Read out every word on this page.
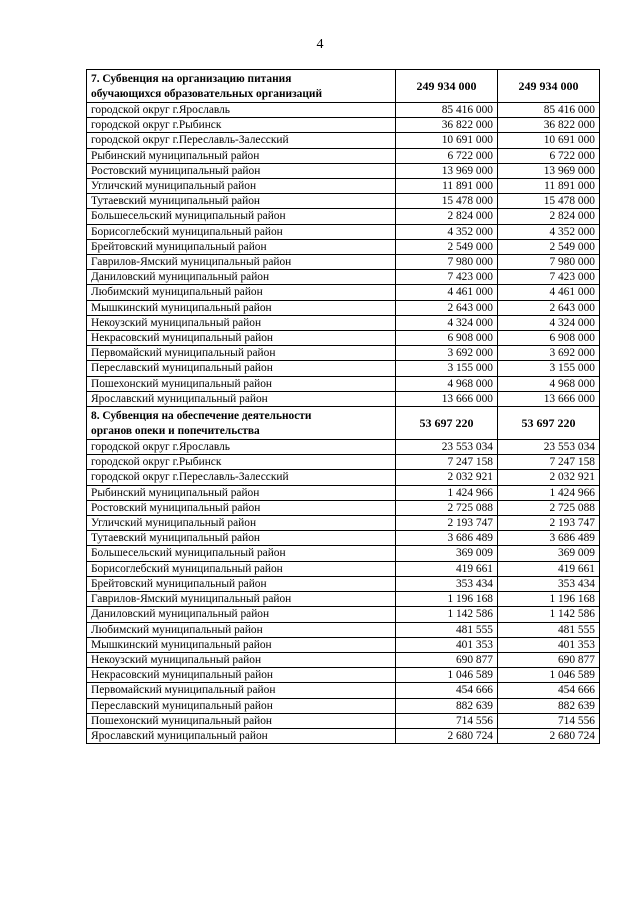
4
7. Субвенция на организацию питания
обучающихся образовательных организаций	249 934 000	249 934 000
городской округ г.Ярославль	85 416 000	85 416 000
городской округ г.Рыбинск	36 822 000	36 822 000
городской округ г.Переславль-Залесский	10 691 000	10 691 000
Рыбинский муниципальный район	6 722 000	6 722 000
Ростовский муниципальный район	13 969 000	13 969 000
Угличский муниципальный район	11 891 000	11 891 000
Тутаевский муниципальный район	15 478 000	15 478 000
Большесельский муниципальный район	2 824 000	2 824 000
Борисоглебский муниципальный район	4 352 000	4 352 000
Брейтовский муниципальный район	2 549 000	2 549 000
Гаврилов-Ямский муниципальный район	7 980 000	7 980 000
Даниловский муниципальный район	7 423 000	7 423 000
Любимский муниципальный район	4 461 000	4 461 000
Мышкинский муниципальный район	2 643 000	2 643 000
Некоузский муниципальный район	4 324 000	4 324 000
Некрасовский муниципальный район	6 908 000	6 908 000
Первомайский муниципальный район	3 692 000	3 692 000
Переславский муниципальный район	3 155 000	3 155 000
Пошехонский муниципальный район	4 968 000	4 968 000
Ярославский муниципальный район	13 666 000	13 666 000

8. Субвенция на обеспечение деятельности
органов опеки и попечительства	53 697 220	53 697 220
городской округ г.Ярославль	23 553 034	23 553 034
городской округ г.Рыбинск	7 247 158	7 247 158
городской округ г.Переславль-Залесский	2 032 921	2 032 921
Рыбинский муниципальный район	1 424 966	1 424 966
Ростовский муниципальный район	2 725 088	2 725 088
Угличский муниципальный район	2 193 747	2 193 747
Тутаевский муниципальный район	3 686 489	3 686 489
Большесельский муниципальный район	369 009	369 009
Борисоглебский муниципальный район	419 661	419 661
Брейтовский муниципальный район	353 434	353 434
Гаврилов-Ямский муниципальный район	1 196 168	1 196 168
Даниловский муниципальный район	1 142 586	1 142 586
Любимский муниципальный район	481 555	481 555
Мышкинский муниципальный район	401 353	401 353
Некоузский муниципальный район	690 877	690 877
Некрасовский муниципальный район	1 046 589	1 046 589
Первомайский муниципальный район	454 666	454 666
Переславский муниципальный район	882 639	882 639
Пошехонский муниципальный район	714 556	714 556
Ярославский муниципальный район	2 680 724	2 680 724
